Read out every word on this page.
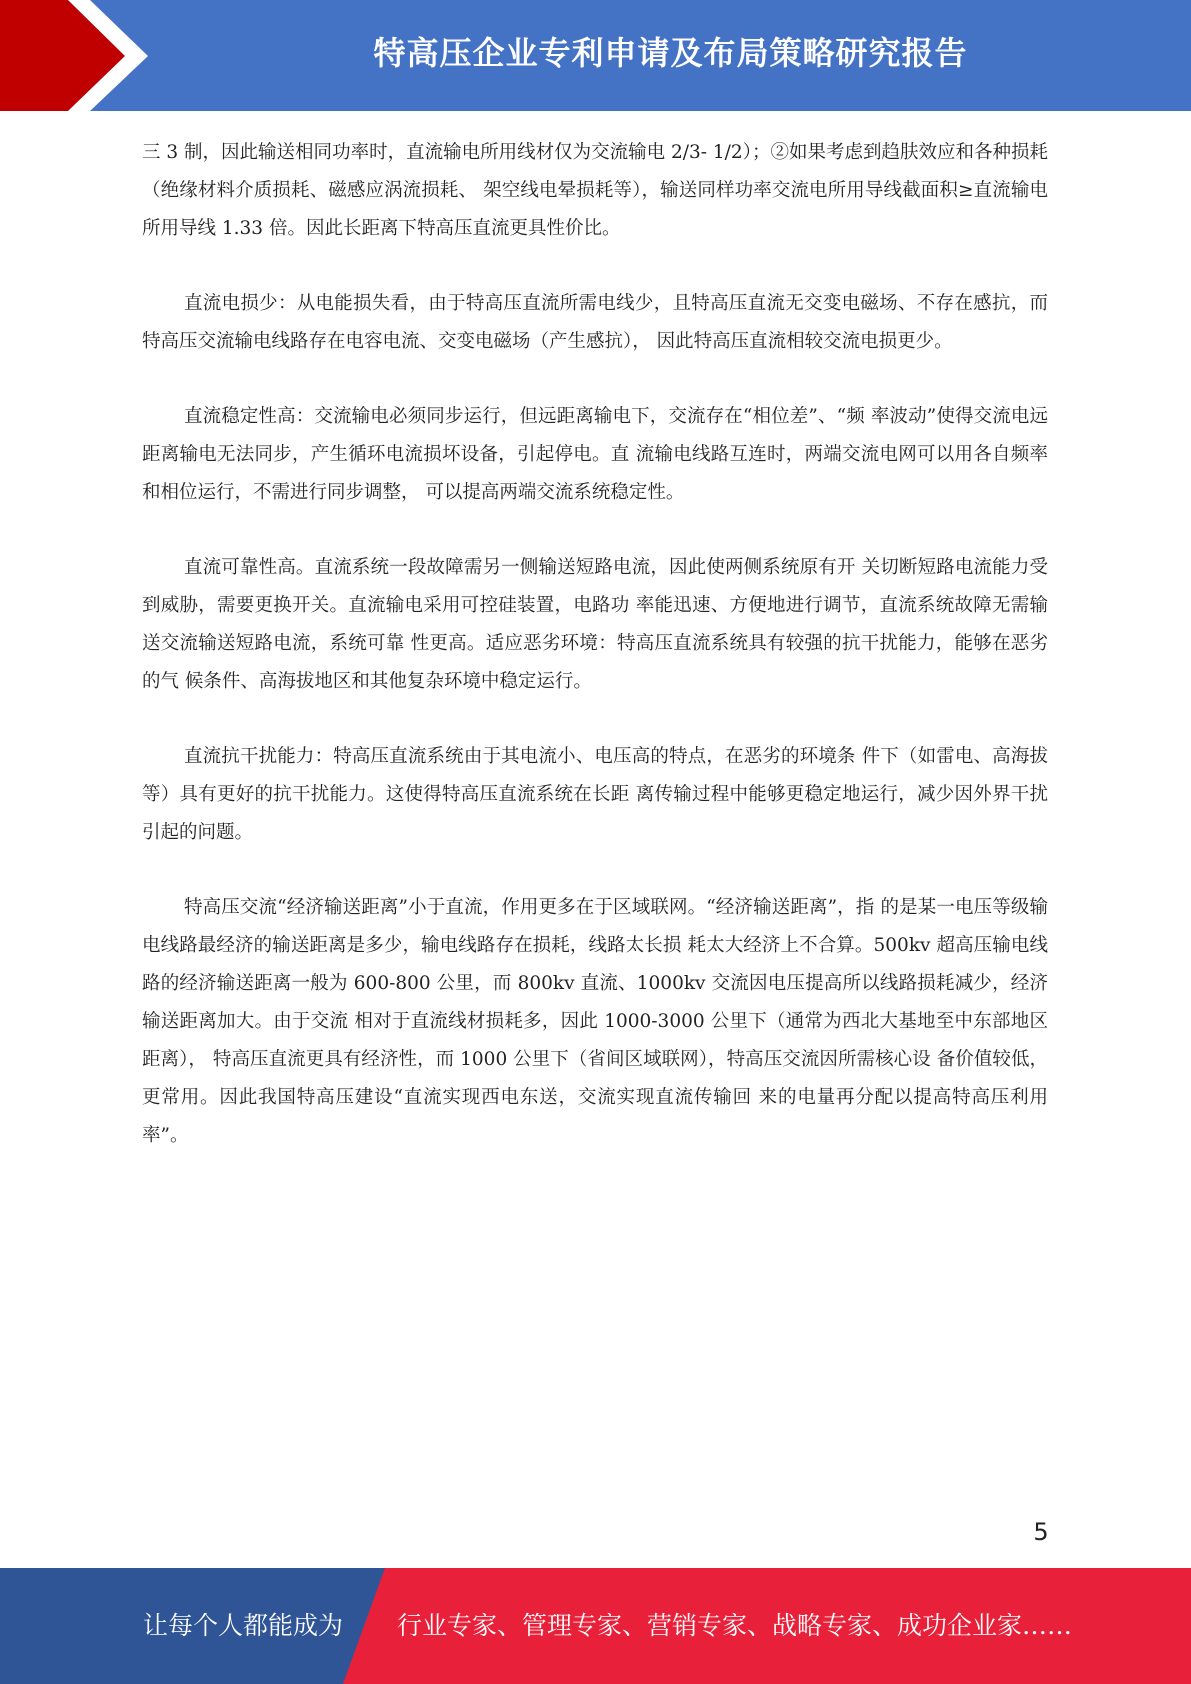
特高压企业专利申请及布局策略研究报告

三 3 制，因此输送相同功率时，直流输电所用线材仅为交流输电 2/3- 1/2）；②如果考虑到趋肤效应和各种损耗（绝缘材料介质损耗、磁感应涡流损耗、 架空线电晕损耗等），输送同样功率交流电所用导线截面积≥直流输电所用导线 1.33 倍。因此长距离下特高压直流更具性价比。

直流电损少：从电能损失看，由于特高压直流所需电线少，且特高压直流无交变电磁场、不存在感抗，而特高压交流输电线路存在电容电流、交变电磁场（产生感抗）， 因此特高压直流相较交流电损更少。

直流稳定性高：交流输电必须同步运行，但远距离输电下，交流存在“相位差”、“频 率波动”使得交流电远距离输电无法同步，产生循环电流损坏设备，引起停电。直 流输电线路互连时，两端交流电网可以用各自频率和相位运行，不需进行同步调整， 可以提高两端交流系统稳定性。

直流可靠性高。直流系统一段故障需另一侧输送短路电流，因此使两侧系统原有开 关切断短路电流能力受到威胁，需要更换开关。直流输电采用可控硅装置，电路功 率能迅速、方便地进行调节，直流系统故障无需输送交流输送短路电流，系统可靠 性更高。适应恶劣环境：特高压直流系统具有较强的抗干扰能力，能够在恶劣的气 候条件、高海拔地区和其他复杂环境中稳定运行。

直流抗干扰能力：特高压直流系统由于其电流小、电压高的特点，在恶劣的环境条 件下（如雷电、高海拔等）具有更好的抗干扰能力。这使得特高压直流系统在长距 离传输过程中能够更稳定地运行，减少因外界干扰引起的问题。

特高压交流“经济输送距离”小于直流，作用更多在于区域联网。“经济输送距离”，指 的是某一电压等级输电线路最经济的输送距离是多少，输电线路存在损耗，线路太长损 耗太大经济上不合算。500kv 超高压输电线路的经济输送距离一般为 600-800 公里，而 800kv 直流、1000kv 交流因电压提高所以线路损耗减少，经济输送距离加大。由于交流 相对于直流线材损耗多，因此 1000-3000 公里下（通常为西北大基地至中东部地区距离）， 特高压直流更具有经济性，而 1000 公里下（省间区域联网），特高压交流因所需核心设 备价值较低，更常用。因此我国特高压建设“直流实现西电东送，交流实现直流传输回 来的电量再分配以提高特高压利用率”。

5
让每个人都能成为 行业专家、管理专家、营销专家、战略专家、成功企业家……
